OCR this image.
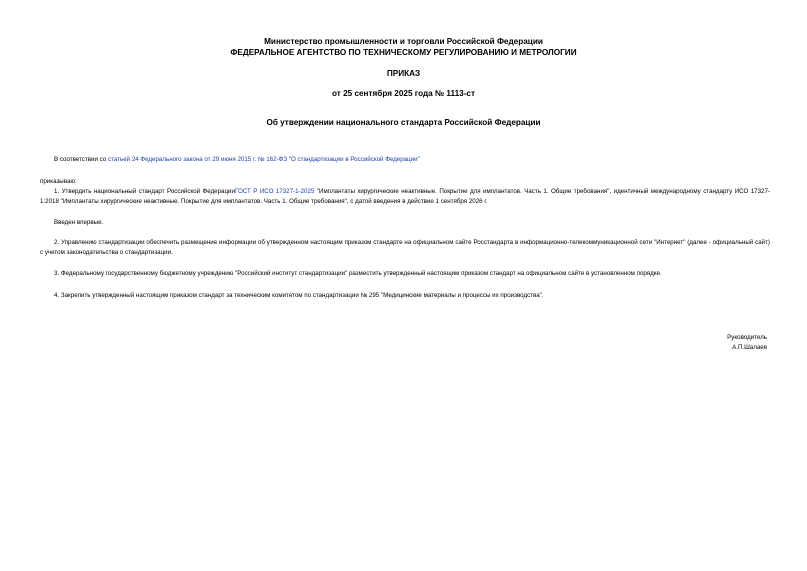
Министерство промышленности и торговли Российской Федерации
ФЕДЕРАЛЬНОЕ АГЕНТСТВО ПО ТЕХНИЧЕСКОМУ РЕГУЛИРОВАНИЮ И МЕТРОЛОГИИ
ПРИКАЗ
от 25 сентября 2025 года № 1113-ст
Об утверждении национального стандарта Российской Федерации
В соответствии со статьей 24 Федерального закона от 29 июня 2015 г. № 162-ФЗ "О стандартизации в Российской Федерации"
приказываю:
1. Утвердить национальный стандарт Российской ФедерацииГОСТ Р ИСО 17327-1-2025 "Имплантаты хирургические неактивные. Покрытие для имплантатов. Часть 1. Общие требования", идентичный международному стандарту ИСО 17327-1:2018 "Имплантаты хирургические неактивные. Покрытие для имплантатов. Часть 1. Общие требования", с датой введения в действие 1 сентября 2026 г.
Введен впервые.
2. Управлению стандартизации обеспечить размещение информации об утвержденном настоящим приказом стандарте на официальном сайте Росстандарта в информационно-телекоммуникационной сети "Интернет" (далее - официальный сайт) с учетом законодательства о стандартизации.
3. Федеральному государственному бюджетному учреждению "Российский институт стандартизации" разместить утвержденный настоящим приказом стандарт на официальном сайте в установленном порядке.
4. Закрепить утвержденный настоящим приказом стандарт за техническим комитетом по стандартизации № 295 "Медицинские материалы и процессы их производства".
Руководитель
А.П.Шалаев
